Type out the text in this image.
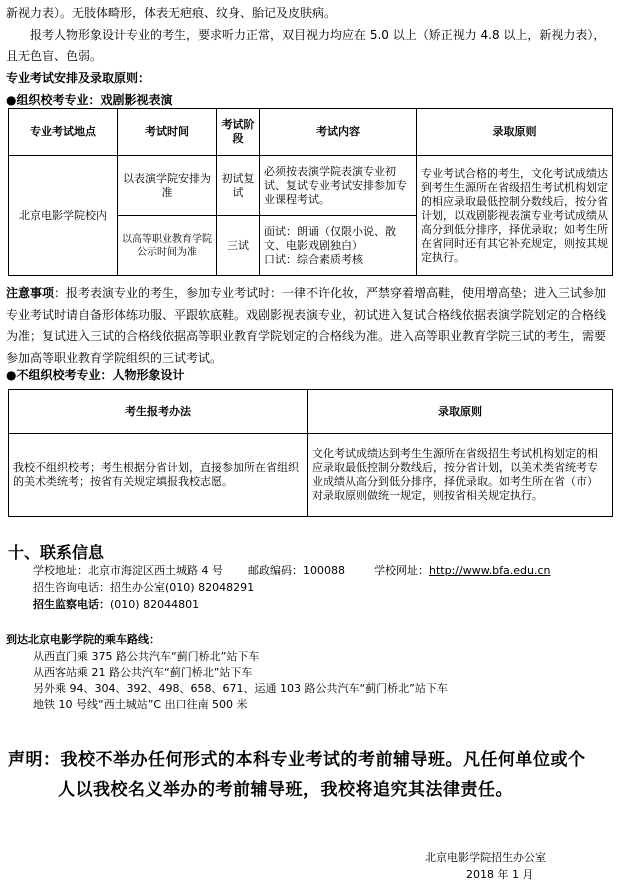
新视力表）。无肢体畸形，体表无疤痕、纹身、胎记及皮肤病。
报考人物形象设计专业的考生，要求听力正常，双目视力均应在 5.0 以上（矫正视力 4.8 以上，新视力表），
且无色盲、色弱。
专业考试安排及录取原则：
●组织校考专业：戏剧影视表演
专业考试地点	考试时间	考试阶段	考试内容	录取原则
北京电影学院校内	以表演学院安排为准	初试复试	必须按表演学院表演专业初试、复试专业考试安排参加专业课程考试。	专业考试合格的考生，文化考试成绩达到考生生源所在省级招生考试机构划定的相应录取最低控制分数线后，按分省计划，以戏剧影视表演专业考试成绩从高分到低分排序，择优录取；如考生所在省同时还有其它补充规定，则按其规定执行。
	以高等职业教育学院公示时间为准	三试	面试：朗诵（仅限小说、散文、电影戏剧独白）
口试：综合素质考核	
注意事项：报考表演专业的考生，参加专业考试时：一律不许化妆，严禁穿着增高鞋，使用增高垫；进入三试参加专业考试时请自备形体练功服、平跟软底鞋。戏剧影视表演专业，初试进入复试合格线依据表演学院划定的合格线为准；复试进入三试的合格线依据高等职业教育学院划定的合格线为准。进入高等职业教育学院三试的考生，需要参加高等职业教育学院组织的三试考试。
●不组织校考专业：人物形象设计
考生报考办法	录取原则
我校不组织校考；考生根据分省计划，直接参加所在省组织的美术类统考；按省有关规定填报我校志愿。	文化考试成绩达到考生生源所在省级招生考试机构划定的相应录取最低控制分数线后，按分省计划，以美术类省统考专业成绩从高分到低分排序，择优录取。如考生所在省（市）对录取原则做统一规定，则按省相关规定执行。
十、联系信息
学校地址：北京市海淀区西土城路 4 号 邮政编码：100088	学校网址：http://www.bfa.edu.cn
招生咨询电话：招生办公室(010) 82048291
招生监察电话：(010) 82044801
到达北京电影学院的乘车路线：
从西直门乘 375 路公共汽车“蓟门桥北”站下车
从西客站乘 21 路公共汽车“蓟门桥北”站下车
另外乘 94、304、392、498、658、671、运通 103 路公共汽车“蓟门桥北”站下车
地铁 10 号线“西土城站”C 出口往南 500 米
声明：我校不举办任何形式的本科专业考试的考前辅导班。凡任何单位或个
人以我校名义举办的考前辅导班，我校将追究其法律责任。
北京电影学院招生办公室
2018 年 1 月
